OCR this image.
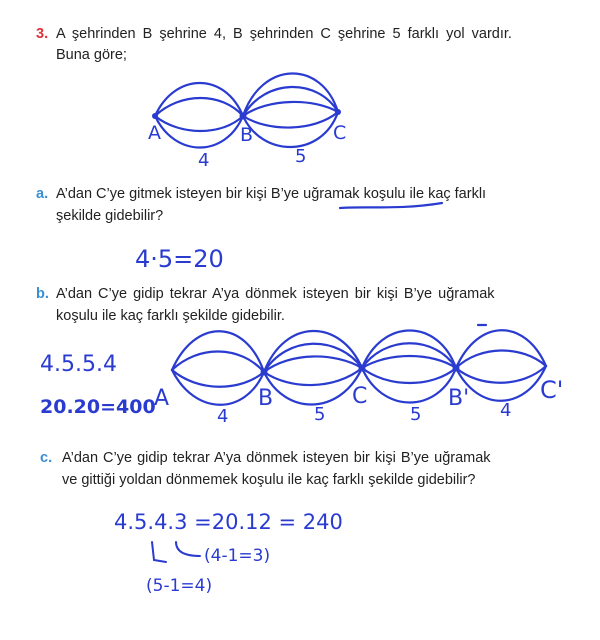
3. A şehrinden B şehrine 4, B şehrinden C şehrine 5 farklı yol vardır.
Buna göre;
A	B	C
4	5
a. A’dan C’ye gitmek isteyen bir kişi B’ye uğramak koşulu ile kaç farklı
şekilde gidebilir?
4·5=20
b. A’dan C’ye gidip tekrar A’ya dönmek isteyen bir kişi B’ye uğramak
koşulu ile kaç farklı şekilde gidebilir.
4.5.5.4
20.20=400
A	B	C	B'	C'
4	5	5	4
c. A’dan C’ye gidip tekrar A’ya dönmek isteyen bir kişi B’ye uğramak
ve gittiği yoldan dönmemek koşulu ile kaç farklı şekilde gidebilir?
4.5.4.3 =20.12 = 240
(4-1=3)
(5-1=4)
